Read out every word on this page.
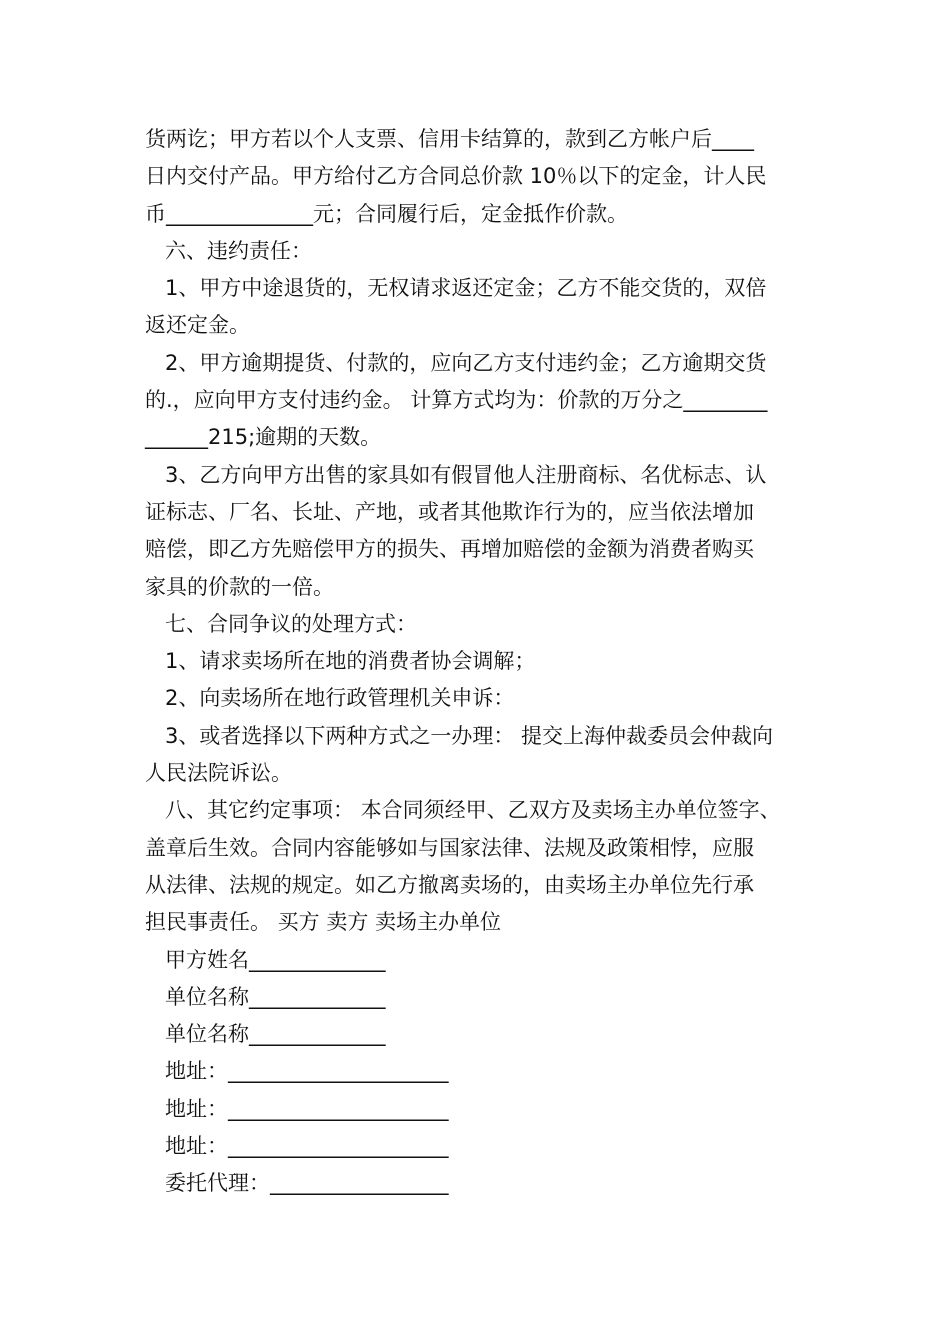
货两讫；甲方若以个人支票、信用卡结算的，款到乙方帐户后____
日内交付产品。甲方给付乙方合同总价款 10％以下的定金，计人民
币______________元；合同履行后，定金抵作价款。
六、违约责任：
1、甲方中途退货的，无权请求返还定金；乙方不能交货的，双倍
返还定金。
2、甲方逾期提货、付款的，应向乙方支付违约金；乙方逾期交货
的.，应向甲方支付违约金。 计算方式均为：价款的万分之________
______215;逾期的天数。
3、乙方向甲方出售的家具如有假冒他人注册商标、名优标志、认
证标志、厂名、长址、产地，或者其他欺诈行为的，应当依法增加
赔偿，即乙方先赔偿甲方的损失、再增加赔偿的金额为消费者购买
家具的价款的一倍。
七、合同争议的处理方式：
1、请求卖场所在地的消费者协会调解；
2、向卖场所在地行政管理机关申诉：
3、或者选择以下两种方式之一办理： 提交上海仲裁委员会仲裁向
人民法院诉讼。
八、其它约定事项： 本合同须经甲、乙双方及卖场主办单位签字、
盖章后生效。合同内容能够如与国家法律、法规及政策相悖，应服
从法律、法规的规定。如乙方撤离卖场的，由卖场主办单位先行承
担民事责任。 买方 卖方 卖场主办单位
甲方姓名_____________
单位名称_____________
单位名称_____________
地址：_____________________
地址：_____________________
地址：_____________________
委托代理：_________________
